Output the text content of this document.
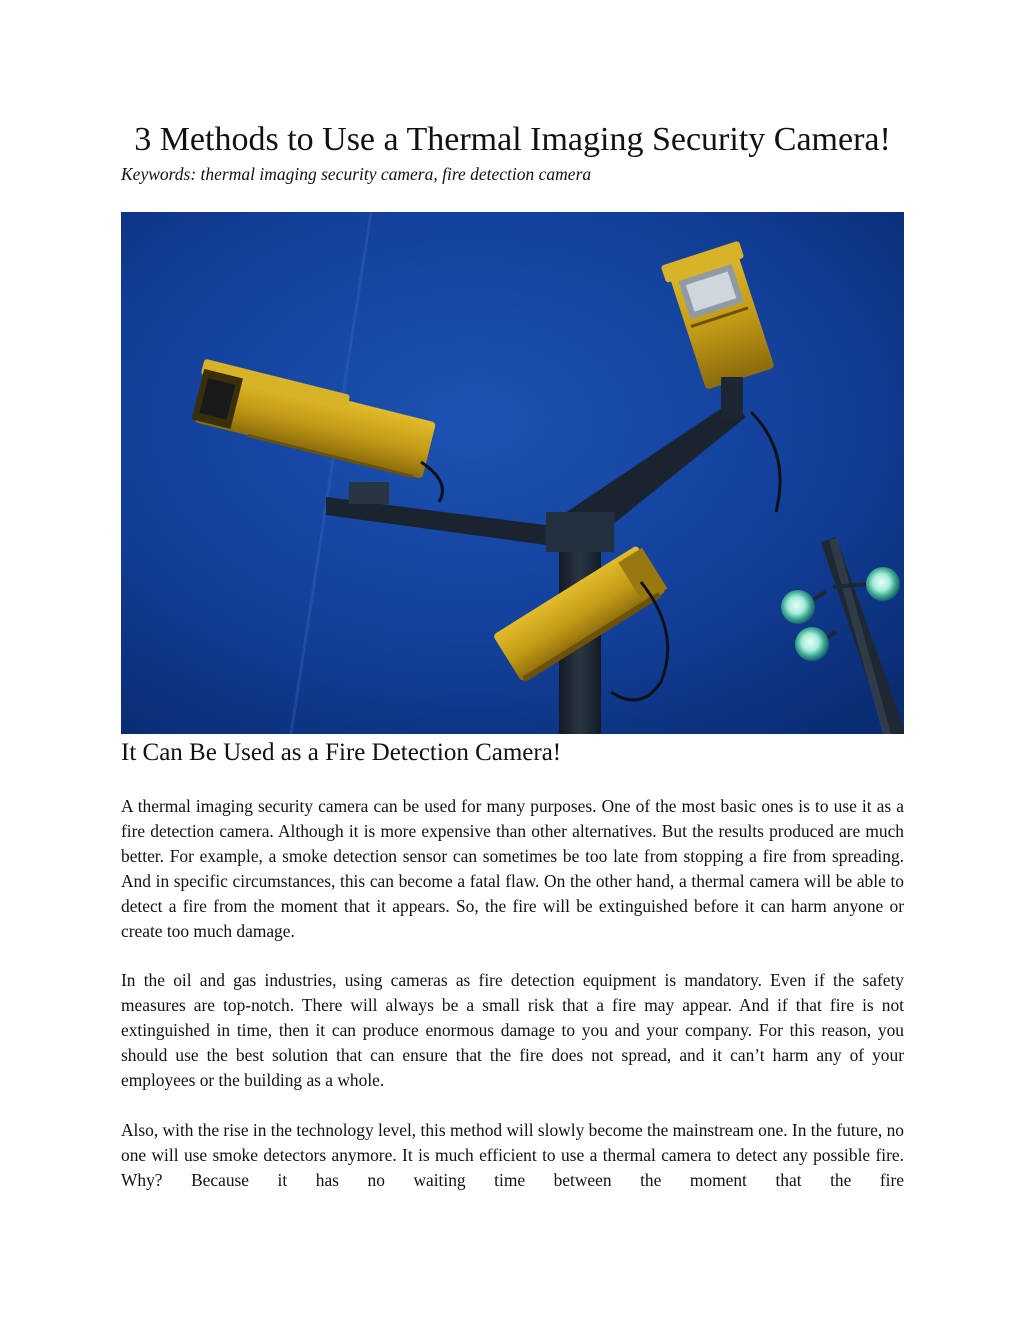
3 Methods to Use a Thermal Imaging Security Camera!

Keywords: thermal imaging security camera, fire detection camera

It Can Be Used as a Fire Detection Camera!

A thermal imaging security camera can be used for many purposes. One of the most basic ones is to use it as a fire detection camera. Although it is more expensive than other alternatives. But the results produced are much better. For example, a smoke detection sensor can sometimes be too late from stopping a fire from spreading. And in specific circumstances, this can become a fatal flaw. On the other hand, a thermal camera will be able to detect a fire from the moment that it appears. So, the fire will be extinguished before it can harm anyone or create too much damage.

In the oil and gas industries, using cameras as fire detection equipment is mandatory. Even if the safety measures are top-notch. There will always be a small risk that a fire may appear. And if that fire is not extinguished in time, then it can produce enormous damage to you and your company. For this reason, you should use the best solution that can ensure that the fire does not spread, and it can’t harm any of your employees or the building as a whole.

Also, with the rise in the technology level, this method will slowly become the mainstream one. In the future, no one will use smoke detectors anymore. It is much efficient to use a thermal camera to detect any possible fire. Why? Because it has no waiting time between the moment that the fire
